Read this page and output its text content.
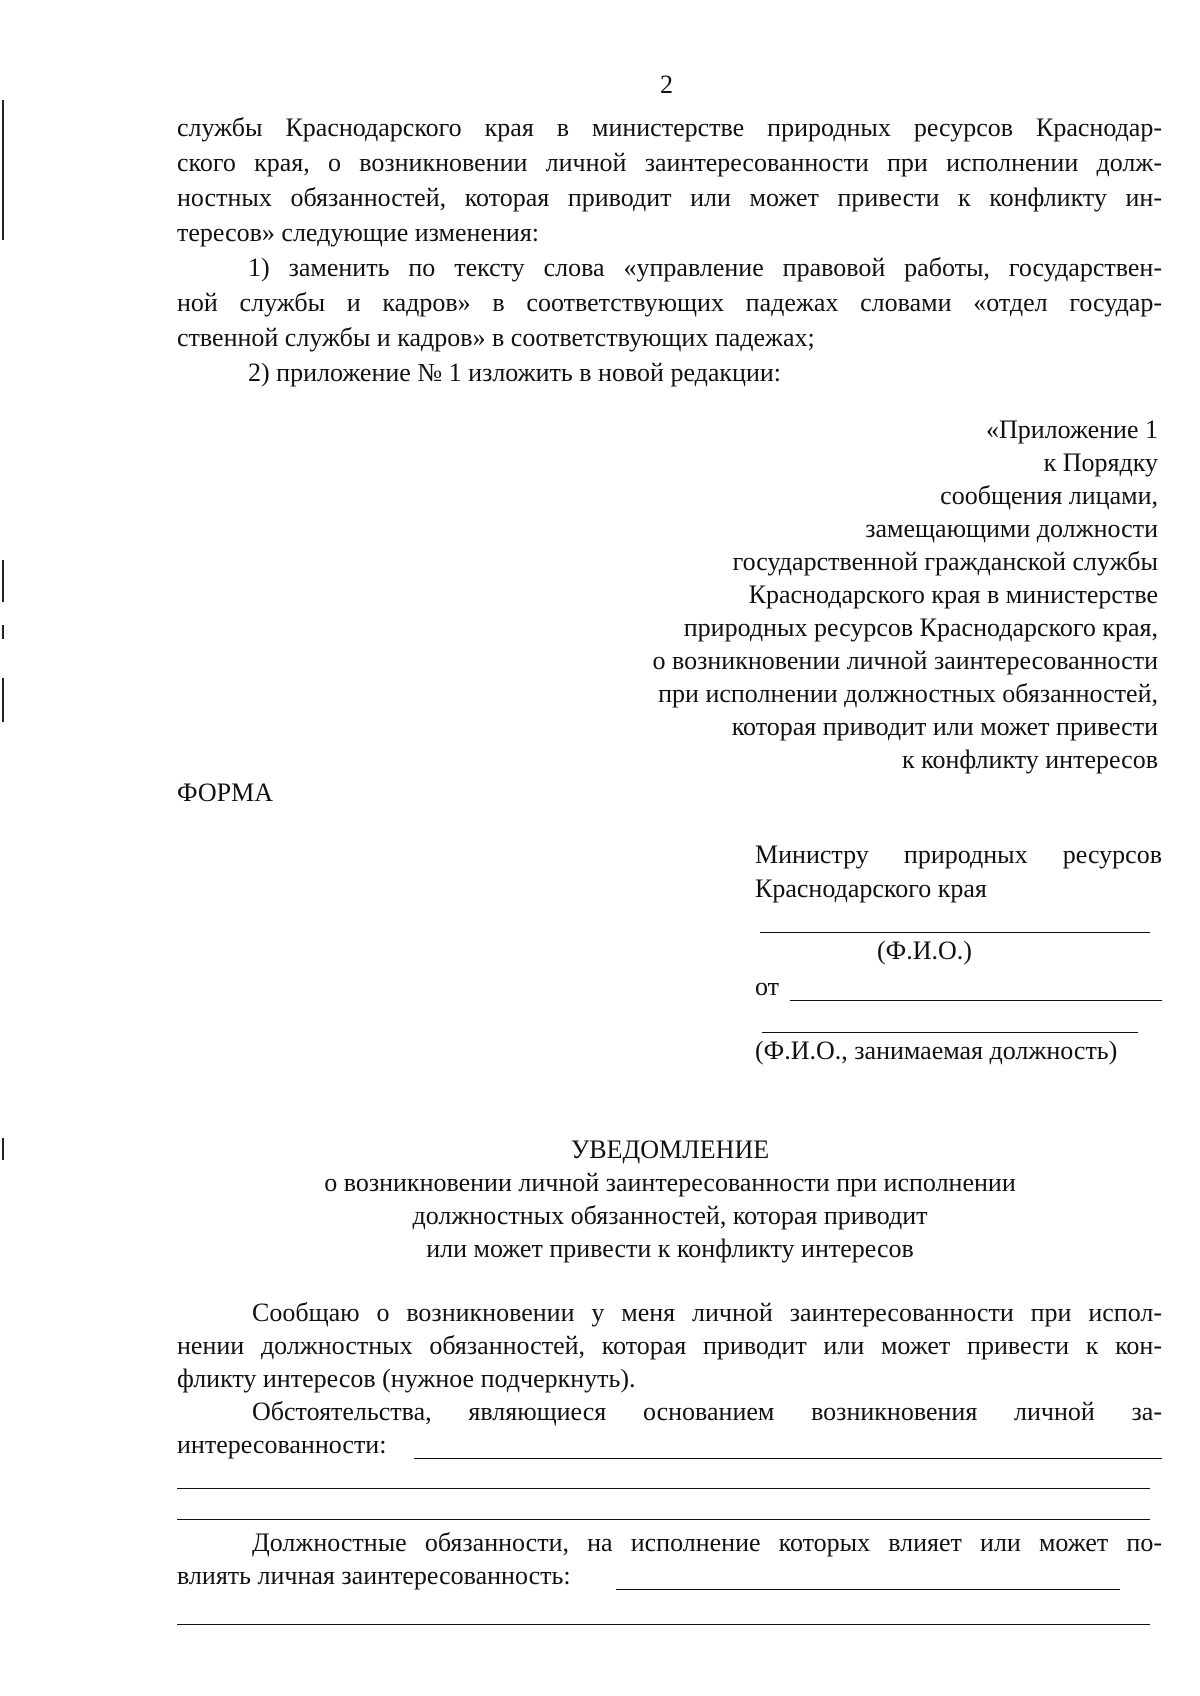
2
службы Краснодарского края в министерстве природных ресурсов Краснодар-
ского края, о возникновении личной заинтересованности при исполнении долж-
ностных обязанностей, которая приводит или может привести к конфликту ин-
тересов» следующие изменения:
1) заменить по тексту слова «управление правовой работы, государствен-
ной службы и кадров» в соответствующих падежах словами «отдел государ-
ственной службы и кадров» в соответствующих падежах;
2) приложение № 1 изложить в новой редакции:
«Приложение 1
к Порядку
сообщения лицами,
замещающими должности
государственной гражданской службы
Краснодарского края в министерстве
природных ресурсов Краснодарского края,
о возникновении личной заинтересованности
при исполнении должностных обязанностей,
которая приводит или может привести
к конфликту интересов
ФОРМА
Министру природных ресурсов
Краснодарского края
(Ф.И.О.)
от
(Ф.И.О., занимаемая должность)
УВЕДОМЛЕНИЕ
о возникновении личной заинтересованности при исполнении
должностных обязанностей, которая приводит
или может привести к конфликту интересов
Сообщаю о возникновении у меня личной заинтересованности при испол-
нении должностных обязанностей, которая приводит или может привести к кон-
фликту интересов (нужное подчеркнуть).
Обстоятельства, являющиеся основанием возникновения личной за-
интересованности:
Должностные обязанности, на исполнение которых влияет или может по-
влиять личная заинтересованность:
